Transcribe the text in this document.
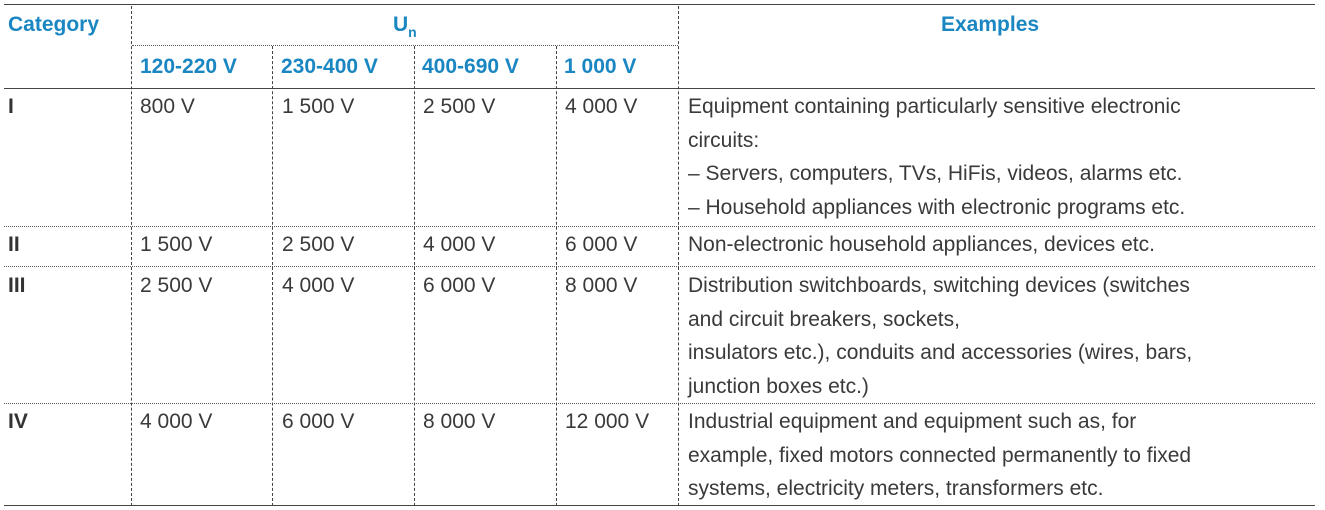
Category	$U_n$	Examples
120-220 V 230-400 V 400-690 V 1 000 V
I	800 V	1 500 V	2 500 V	4 000 V Equipment containing particularly sensitive electronic
circuits:
– Servers, computers, TVs, HiFis, videos, alarms etc.
– Household appliances with electronic programs etc.
II	1 500 V	2 500 V	4 000 V	6 000 V Non-electronic household appliances, devices etc.
III	2 500 V	4 000 V	6 000 V	8 000 V Distribution switchboards, switching devices (switches
and circuit breakers, sockets,
insulators etc.), conduits and accessories (wires, bars,
junction boxes etc.)
IV	4 000 V	6 000 V	8 000 V	12 000 V Industrial equipment and equipment such as, for
example, fixed motors connected permanently to fixed
systems, electricity meters, transformers etc.
